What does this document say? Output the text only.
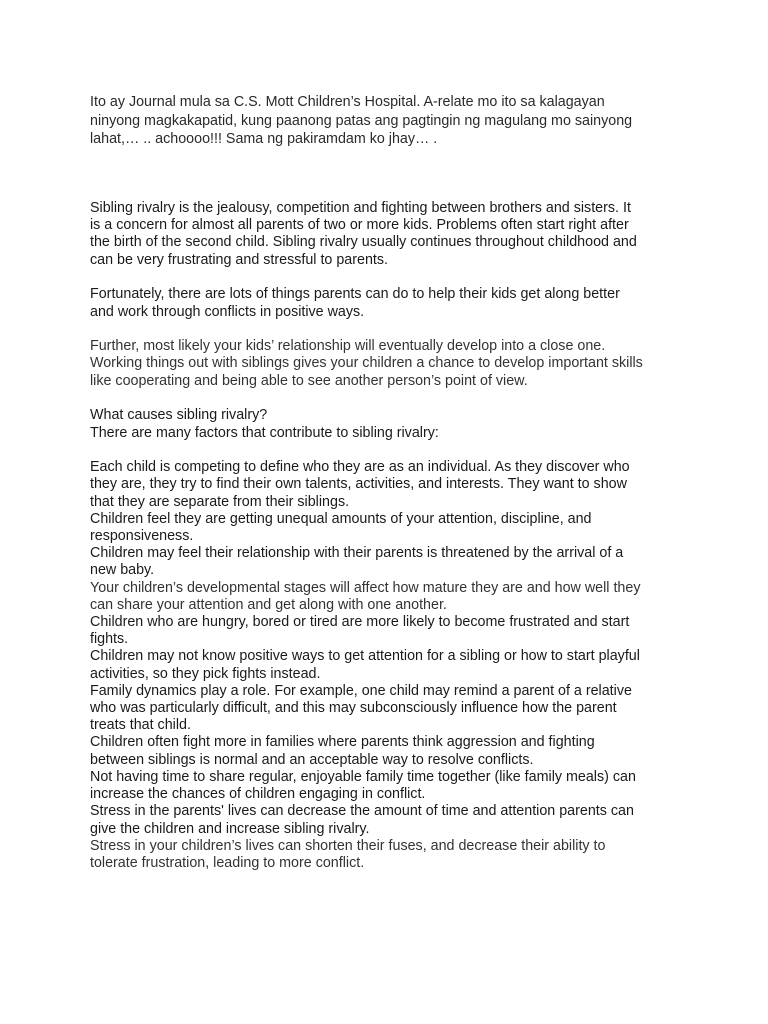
Ito ay Journal mula sa C.S. Mott Children’s Hospital. A-relate mo ito sa kalagayan
ninyong magkakapatid, kung paanong patas ang pagtingin ng magulang mo sainyong
lahat,… .. achoooo!!! Sama ng pakiramdam ko jhay… .

Sibling rivalry is the jealousy, competition and fighting between brothers and sisters. It
is a concern for almost all parents of two or more kids. Problems often start right after
the birth of the second child. Sibling rivalry usually continues throughout childhood and
can be very frustrating and stressful to parents.

Fortunately, there are lots of things parents can do to help their kids get along better
and work through conflicts in positive ways.

Further, most likely your kids’ relationship will eventually develop into a close one.
Working things out with siblings gives your children a chance to develop important skills
like cooperating and being able to see another person’s point of view.

What causes sibling rivalry?

There are many factors that contribute to sibling rivalry:

Each child is competing to define who they are as an individual. As they discover who
they are, they try to find their own talents, activities, and interests. They want to show
that they are separate from their siblings.

Children feel they are getting unequal amounts of your attention, discipline, and
responsiveness.

Children may feel their relationship with their parents is threatened by the arrival of a
new baby.

Your children’s developmental stages will affect how mature they are and how well they
can share your attention and get along with one another.

Children who are hungry, bored or tired are more likely to become frustrated and start
fights.

Children may not know positive ways to get attention for a sibling or how to start playful
activities, so they pick fights instead.

Family dynamics play a role. For example, one child may remind a parent of a relative
who was particularly difficult, and this may subconsciously influence how the parent
treats that child.

Children often fight more in families where parents think aggression and fighting
between siblings is normal and an acceptable way to resolve conflicts.

Not having time to share regular, enjoyable family time together (like family meals) can
increase the chances of children engaging in conflict.

Stress in the parents' lives can decrease the amount of time and attention parents can
give the children and increase sibling rivalry.

Stress in your children’s lives can shorten their fuses, and decrease their ability to
tolerate frustration, leading to more conflict.
